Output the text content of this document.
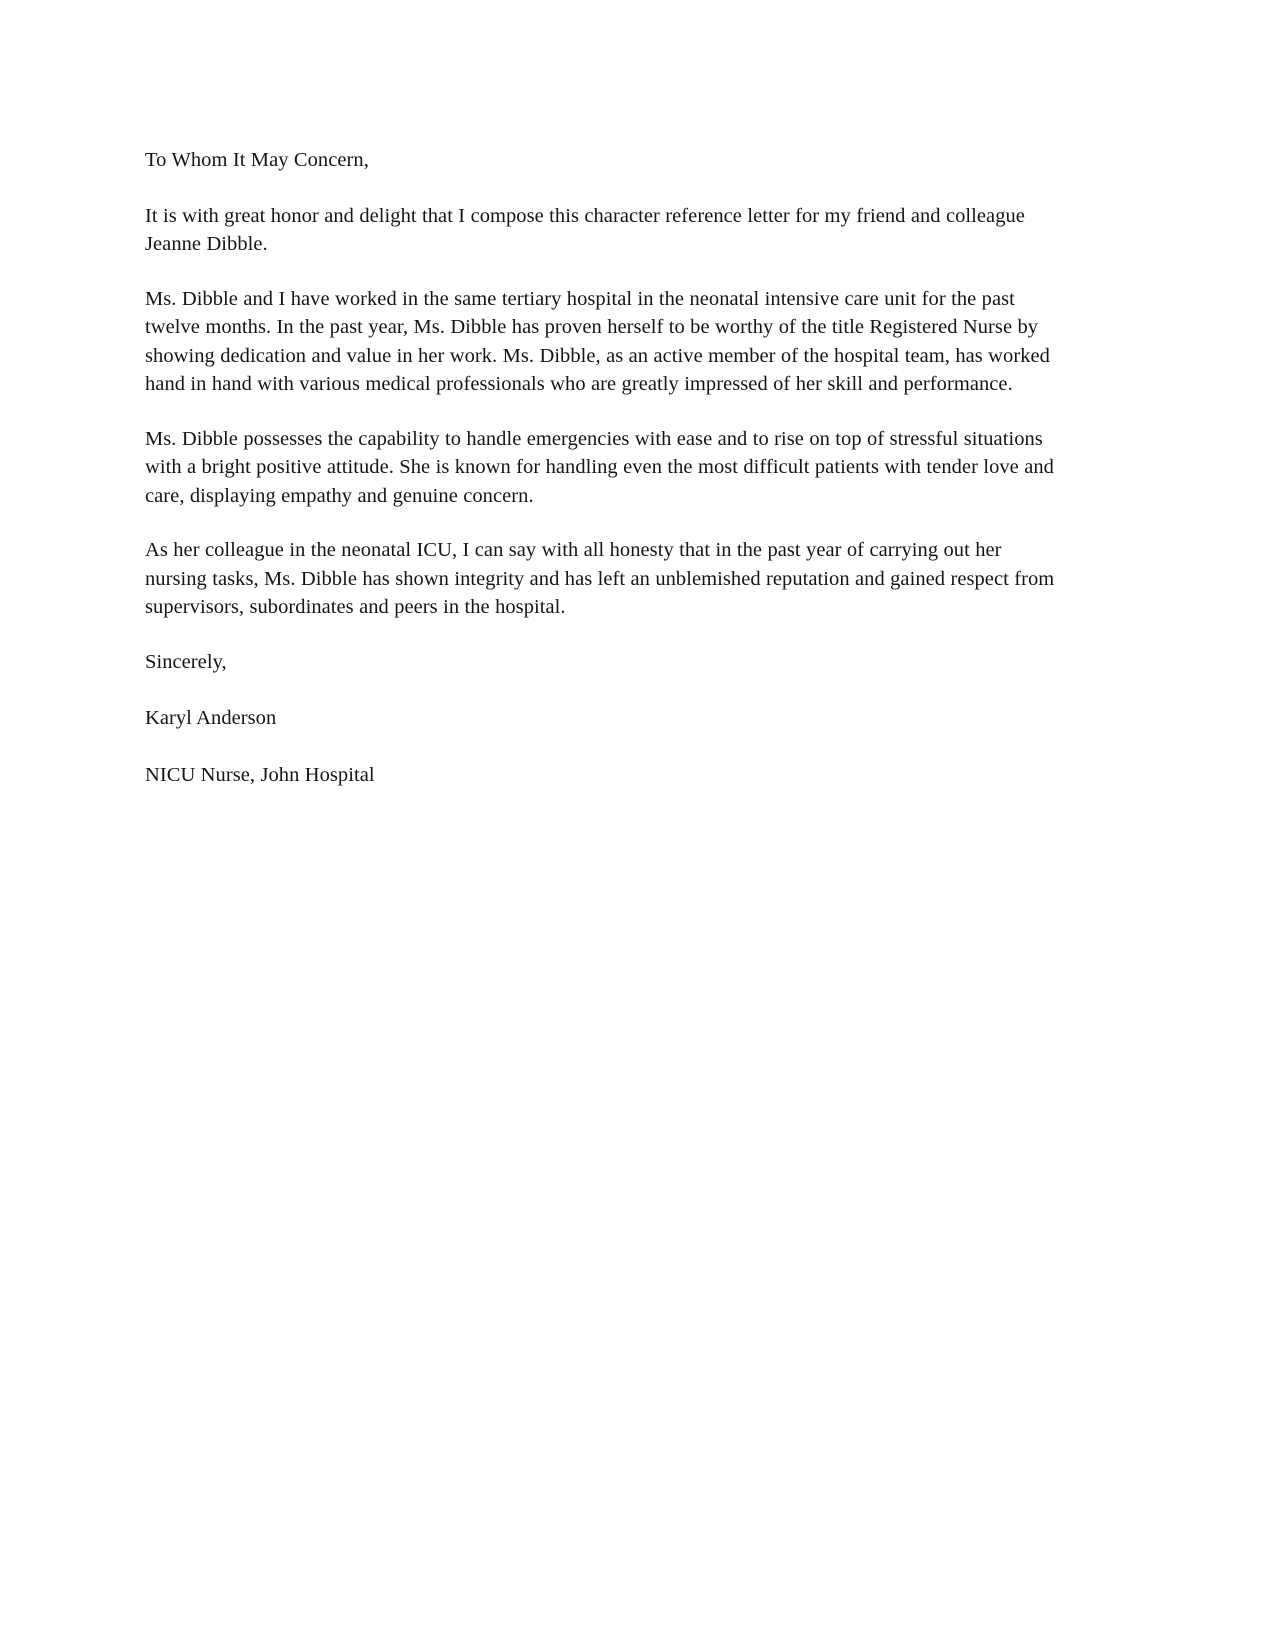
To Whom It May Concern,

It is with great honor and delight that I compose this character reference letter for my friend and colleague Jeanne Dibble.

Ms. Dibble and I have worked in the same tertiary hospital in the neonatal intensive care unit for the past twelve months. In the past year, Ms. Dibble has proven herself to be worthy of the title Registered Nurse by showing dedication and value in her work. Ms. Dibble, as an active member of the hospital team, has worked hand in hand with various medical professionals who are greatly impressed of her skill and performance.

Ms. Dibble possesses the capability to handle emergencies with ease and to rise on top of stressful situations with a bright positive attitude. She is known for handling even the most difficult patients with tender love and care, displaying empathy and genuine concern.

As her colleague in the neonatal ICU, I can say with all honesty that in the past year of carrying out her nursing tasks, Ms. Dibble has shown integrity and has left an unblemished reputation and gained respect from supervisors, subordinates and peers in the hospital.

Sincerely,

Karyl Anderson

NICU Nurse, John Hospital
